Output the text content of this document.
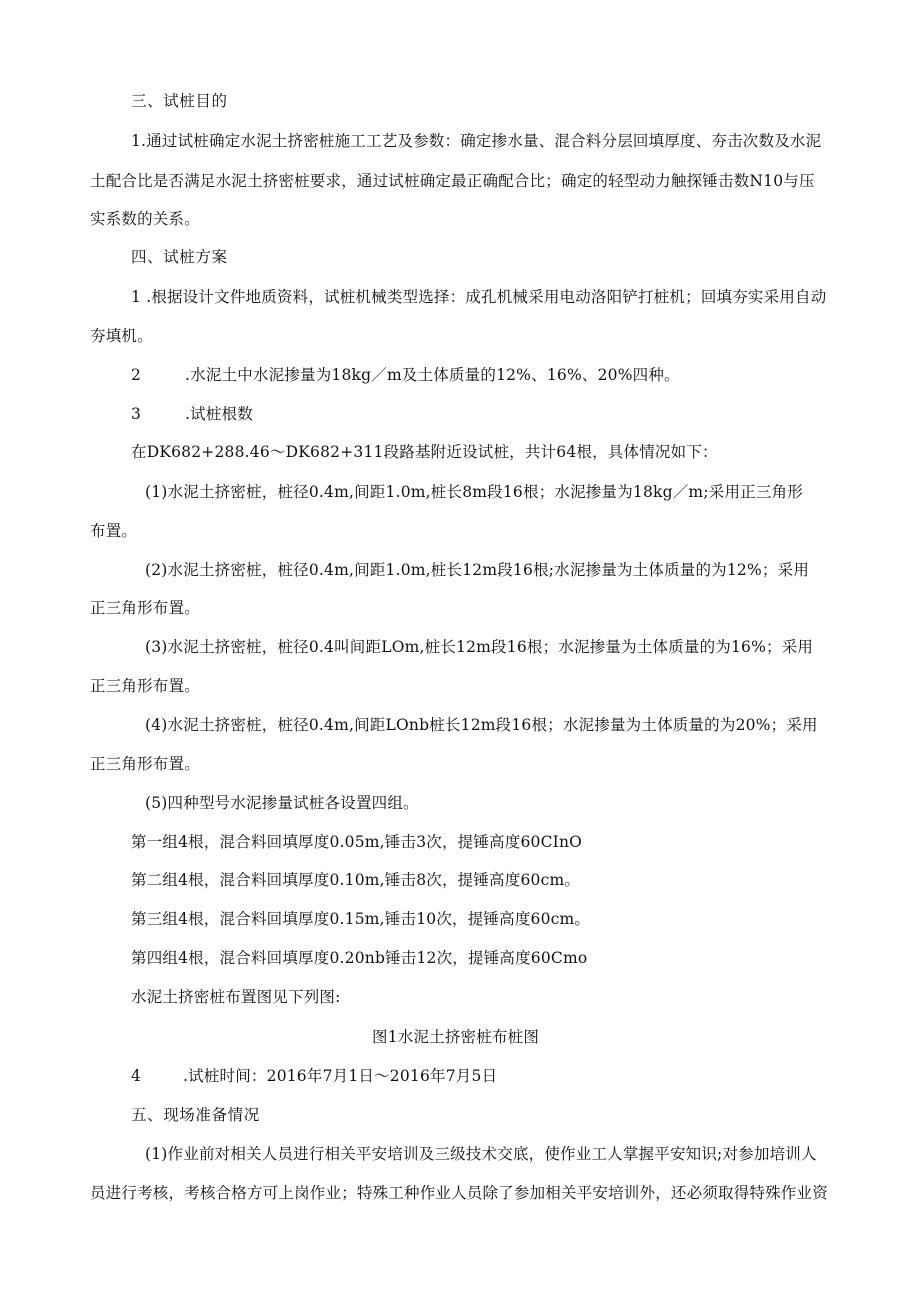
三、试桩目的
1.通过试桩确定水泥土挤密桩施工工艺及参数：确定掺水量、混合料分层回填厚度、夯击次数及水泥
土配合比是否满足水泥土挤密桩要求，通过试桩确定最正确配合比；确定的轻型动力触探锤击数N10与压
实系数的关系。
四、试桩方案
1 .根据设计文件地质资料，试桩机械类型选择：成孔机械采用电动洛阳铲打桩机；回填夯实采用自动
夯填机。
2	.水泥土中水泥掺量为18kg／m及土体质量的12%、16%、20%四种。
3	.试桩根数
在DK682+288.46～DK682+311段路基附近设试桩，共计64根，具体情况如下：
(1)水泥土挤密桩，桩径0.4m,间距1.0m,桩长8m段16根；水泥掺量为18kg／m;采用正三角形
布置。
(2)水泥土挤密桩，桩径0.4m,间距1.0m,桩长12m段16根;水泥掺量为土体质量的为12%；采用
正三角形布置。
(3)水泥土挤密桩，桩径0.4叫间距LOm,桩长12m段16根；水泥掺量为土体质量的为16%；采用
正三角形布置。
(4)水泥土挤密桩，桩径0.4m,间距LOnb桩长12m段16根；水泥掺量为土体质量的为20%；采用
正三角形布置。
(5)四种型号水泥掺量试桩各设置四组。
第一组4根，混合料回填厚度0.05m,锤击3次，提锤高度60CInO
第二组4根，混合料回填厚度0.10m,锤击8次，提锤高度60cm。
第三组4根，混合料回填厚度0.15m,锤击10次，提锤高度60cm。
第四组4根，混合料回填厚度0.20nb锤击12次，提锤高度60Cmo
水泥土挤密桩布置图见下列图:
图1水泥土挤密桩布桩图
4	.试桩时间：2016年7月1日～2016年7月5日
五、现场准备情况
(1)作业前对相关人员进行相关平安培训及三级技术交底，使作业工人掌握平安知识;对参加培训人
员进行考核，考核合格方可上岗作业；特殊工种作业人员除了参加相关平安培训外，还必须取得特殊作业资
